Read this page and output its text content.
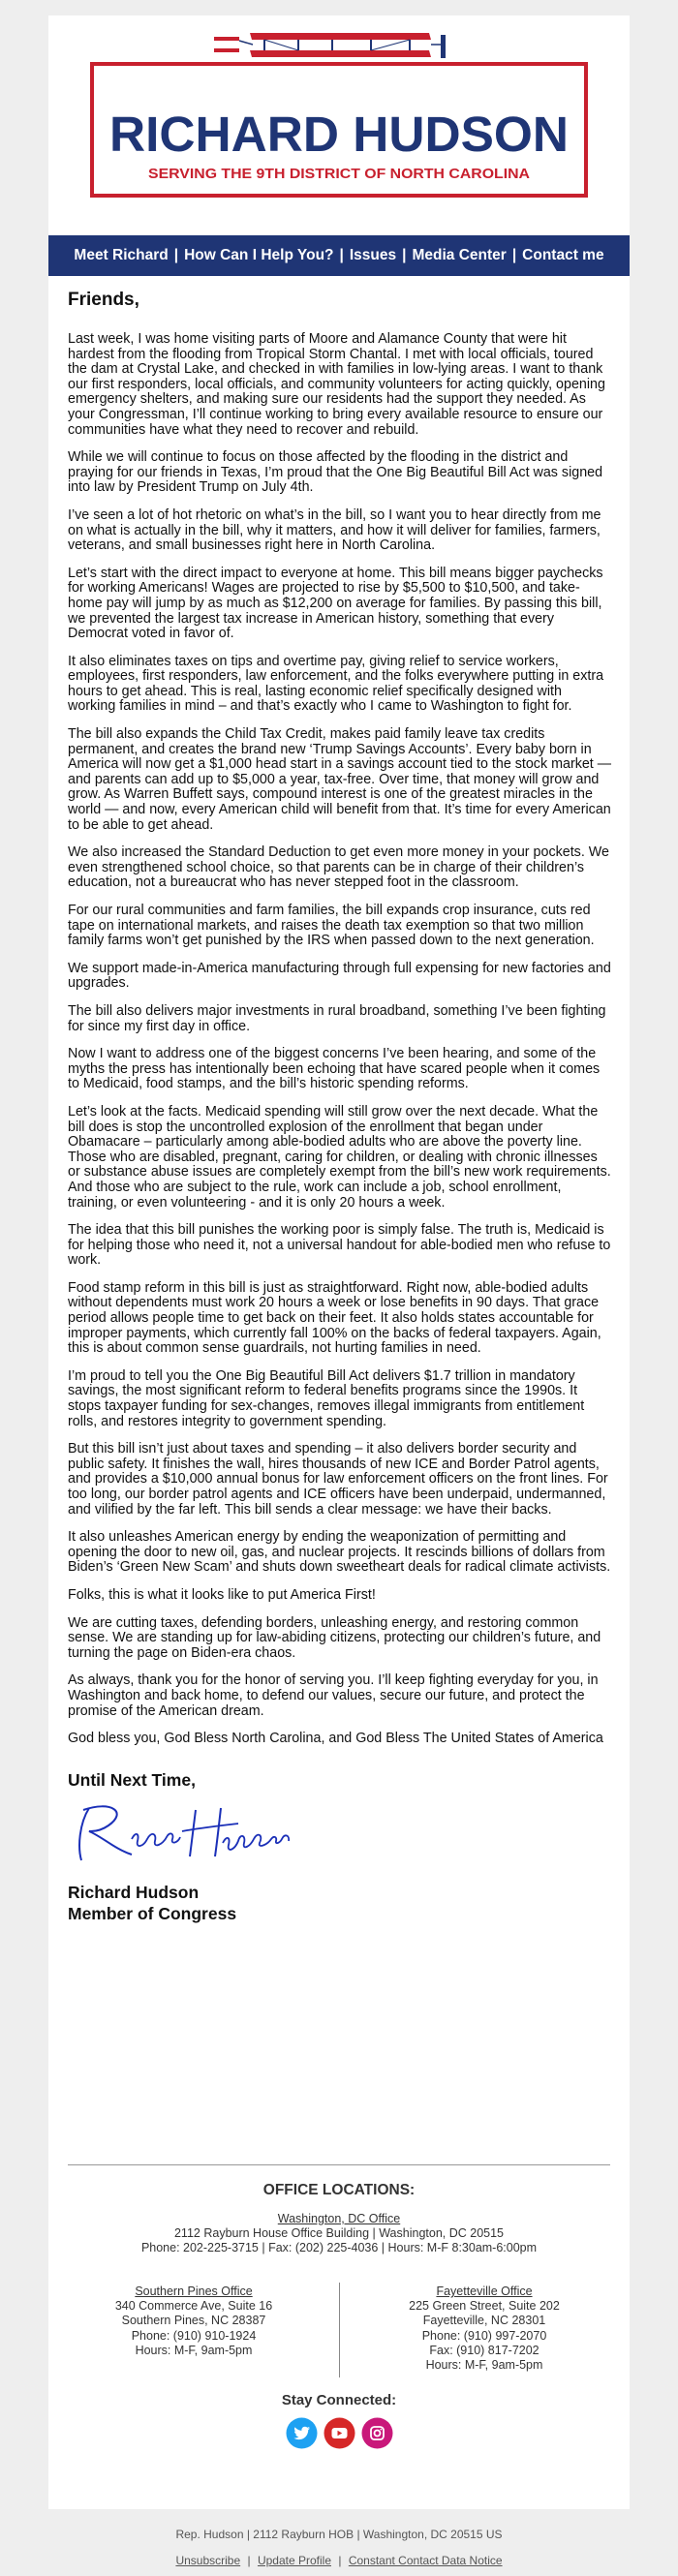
RICHARD HUDSON
SERVING THE 9TH DISTRICT OF NORTH CAROLINA
Meet Richard | How Can I Help You? | Issues | Media Center | Contact me
Friends,

Last week, I was home visiting parts of Moore and Alamance County that were hit hardest from the flooding from Tropical Storm Chantal. I met with local officials, toured the dam at Crystal Lake, and checked in with families in low-lying areas. I want to thank our first responders, local officials, and community volunteers for acting quickly, opening emergency shelters, and making sure our residents had the support they needed. As your Congressman, I’ll continue working to bring every available resource to ensure our communities have what they need to recover and rebuild.

While we will continue to focus on those affected by the flooding in the district and praying for our friends in Texas, I’m proud that the One Big Beautiful Bill Act was signed into law by President Trump on July 4th.

I’ve seen a lot of hot rhetoric on what’s in the bill, so I want you to hear directly from me on what is actually in the bill, why it matters, and how it will deliver for families, farmers, veterans, and small businesses right here in North Carolina.

Let’s start with the direct impact to everyone at home. This bill means bigger paychecks for working Americans! Wages are projected to rise by $5,500 to $10,500, and take-home pay will jump by as much as $12,200 on average for families. By passing this bill, we prevented the largest tax increase in American history, something that every Democrat voted in favor of.

It also eliminates taxes on tips and overtime pay, giving relief to service workers, employees, first responders, law enforcement, and the folks everywhere putting in extra hours to get ahead. This is real, lasting economic relief specifically designed with working families in mind – and that’s exactly who I came to Washington to fight for.

The bill also expands the Child Tax Credit, makes paid family leave tax credits permanent, and creates the brand new ‘Trump Savings Accounts’. Every baby born in America will now get a $1,000 head start in a savings account tied to the stock market — and parents can add up to $5,000 a year, tax-free. Over time, that money will grow and grow. As Warren Buffett says, compound interest is one of the greatest miracles in the world — and now, every American child will benefit from that. It’s time for every American to be able to get ahead.

We also increased the Standard Deduction to get even more money in your pockets. We even strengthened school choice, so that parents can be in charge of their children’s education, not a bureaucrat who has never stepped foot in the classroom.

For our rural communities and farm families, the bill expands crop insurance, cuts red tape on international markets, and raises the death tax exemption so that two million family farms won’t get punished by the IRS when passed down to the next generation.

We support made-in-America manufacturing through full expensing for new factories and upgrades.

The bill also delivers major investments in rural broadband, something I’ve been fighting for since my first day in office.

Now I want to address one of the biggest concerns I’ve been hearing, and some of the myths the press has intentionally been echoing that have scared people when it comes to Medicaid, food stamps, and the bill’s historic spending reforms.

Let’s look at the facts. Medicaid spending will still grow over the next decade. What the bill does is stop the uncontrolled explosion of the enrollment that began under Obamacare – particularly among able-bodied adults who are above the poverty line. Those who are disabled, pregnant, caring for children, or dealing with chronic illnesses or substance abuse issues are completely exempt from the bill’s new work requirements. And those who are subject to the rule, work can include a job, school enrollment, training, or even volunteering - and it is only 20 hours a week.

The idea that this bill punishes the working poor is simply false. The truth is, Medicaid is for helping those who need it, not a universal handout for able-bodied men who refuse to work.

Food stamp reform in this bill is just as straightforward. Right now, able-bodied adults without dependents must work 20 hours a week or lose benefits in 90 days. That grace period allows people time to get back on their feet. It also holds states accountable for improper payments, which currently fall 100% on the backs of federal taxpayers. Again, this is about common sense guardrails, not hurting families in need.

I’m proud to tell you the One Big Beautiful Bill Act delivers $1.7 trillion in mandatory savings, the most significant reform to federal benefits programs since the 1990s. It stops taxpayer funding for sex-changes, removes illegal immigrants from entitlement rolls, and restores integrity to government spending.

But this bill isn’t just about taxes and spending – it also delivers border security and public safety. It finishes the wall, hires thousands of new ICE and Border Patrol agents, and provides a $10,000 annual bonus for law enforcement officers on the front lines. For too long, our border patrol agents and ICE officers have been underpaid, undermanned, and vilified by the far left. This bill sends a clear message: we have their backs.

It also unleashes American energy by ending the weaponization of permitting and opening the door to new oil, gas, and nuclear projects. It rescinds billions of dollars from Biden’s ‘Green New Scam’ and shuts down sweetheart deals for radical climate activists.

Folks, this is what it looks like to put America First!

We are cutting taxes, defending borders, unleashing energy, and restoring common sense. We are standing up for law-abiding citizens, protecting our children’s future, and turning the page on Biden-era chaos.

As always, thank you for the honor of serving you. I’ll keep fighting everyday for you, in Washington and back home, to defend our values, secure our future, and protect the promise of the American dream.

God bless you, God Bless North Carolina, and God Bless The United States of America

Until Next Time,
Richard Hudson
Member of Congress
OFFICE LOCATIONS:
Washington, DC Office
2112 Rayburn House Office Building | Washington, DC 20515
Phone: 202-225-3715 | Fax: (202) 225-4036 | Hours: M-F 8:30am-6:00pm
Southern Pines Office
340 Commerce Ave, Suite 16
Southern Pines, NC 28387
Phone: (910) 910-1924
Hours: M-F, 9am-5pm
Fayetteville Office
225 Green Street, Suite 202
Fayetteville, NC 28301
Phone: (910) 997-2070
Fax: (910) 817-7202
Hours: M-F, 9am-5pm
Stay Connected:
Rep. Hudson | 2112 Rayburn HOB | Washington, DC 20515 US
Unsubscribe | Update Profile | Constant Contact Data Notice
